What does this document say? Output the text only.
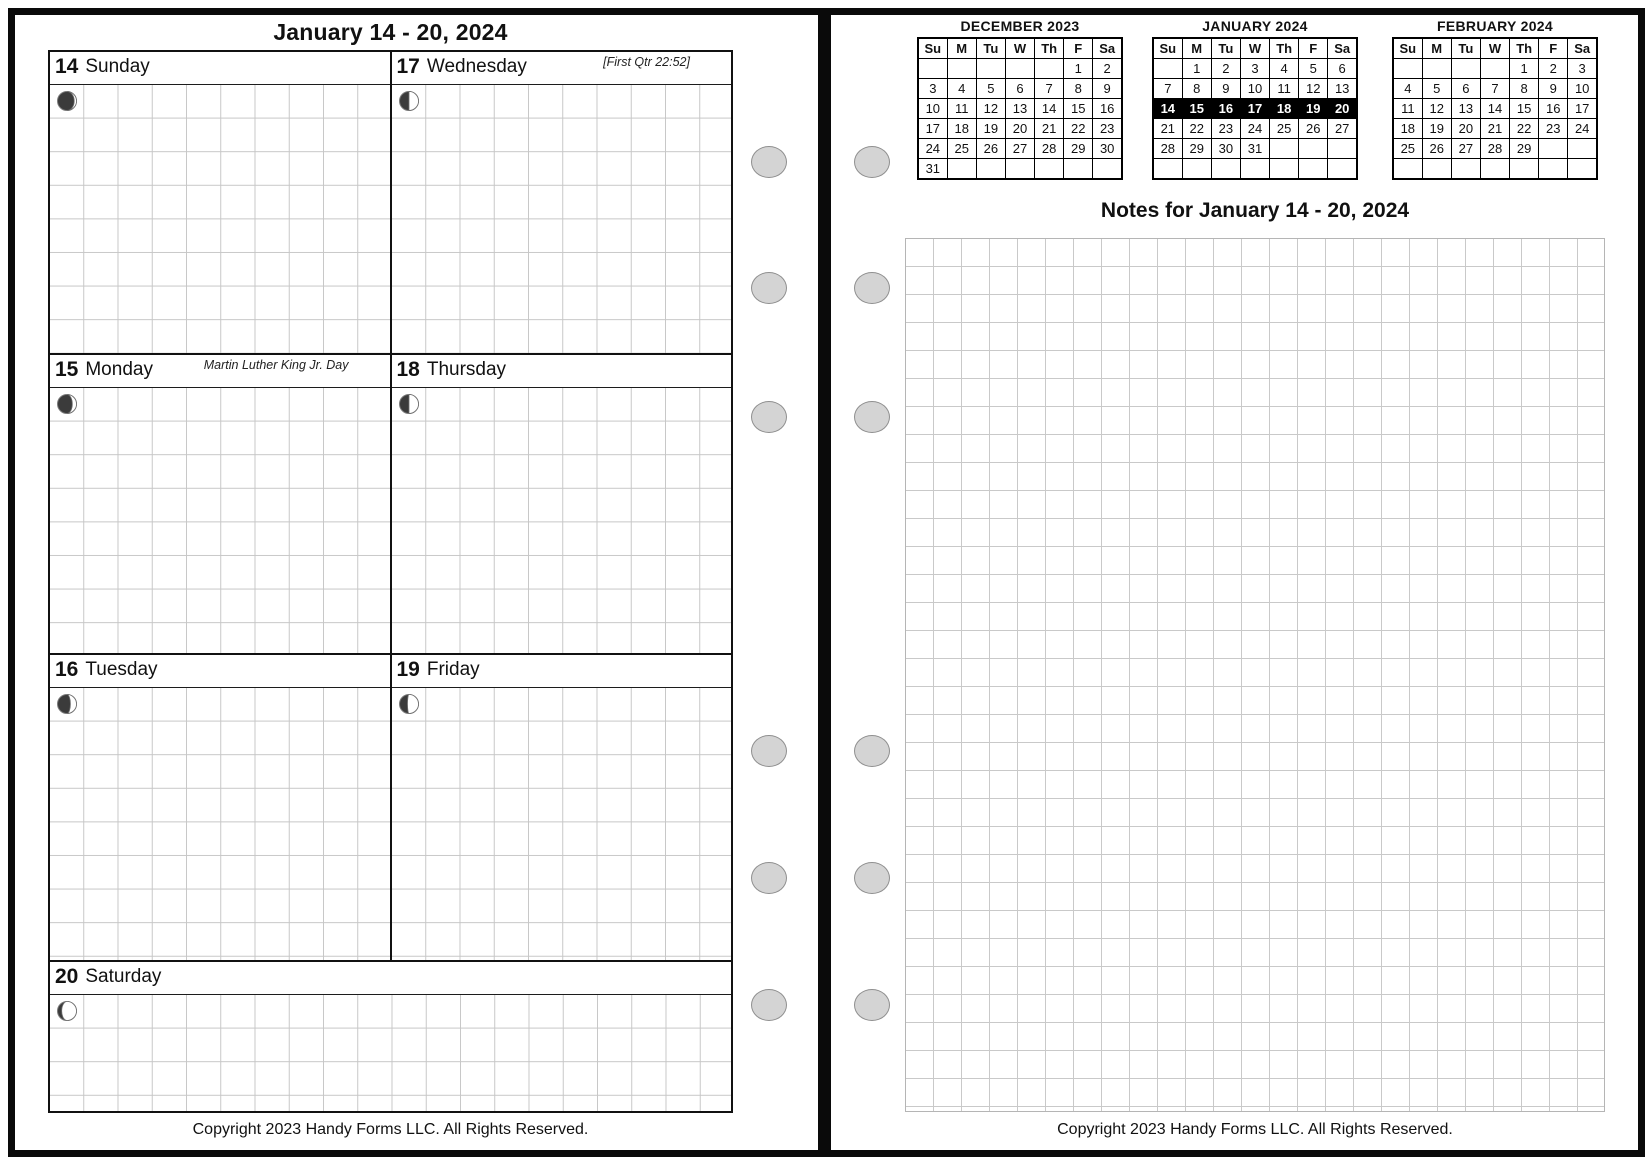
January 14 - 20, 2024
14 Sunday	17 Wednesday	[First Qtr 22:52]
15 Monday	Martin Luther King Jr. Day 18 Thursday
16 Tuesday	19 Friday
20 Saturday
Copyright 2023 Handy Forms LLC. All Rights Reserved.
DECEMBER 2023
Su	M	Tu	W	Th	F	Sa
					1	2
3	4	5	6	7	8	9
10	11	12	13	14	15	16
17	18	19	20	21	22	23
24	25	26	27	28	29	30
31						
JANUARY 2024
Su	M	Tu	W	Th	F	Sa
	1	2	3	4	5	6
7	8	9	10	11	12	13
14	15	16	17	18	19	20
21	22	23	24	25	26	27
28	29	30	31			

FEBRUARY 2024
Su	M	Tu	W	Th	F	Sa
				1	2	3
4	5	6	7	8	9	10
11	12	13	14	15	16	17
18	19	20	21	22	23	24
25	26	27	28	29		

Notes for January 14 - 20, 2024
Copyright 2023 Handy Forms LLC. All Rights Reserved.
